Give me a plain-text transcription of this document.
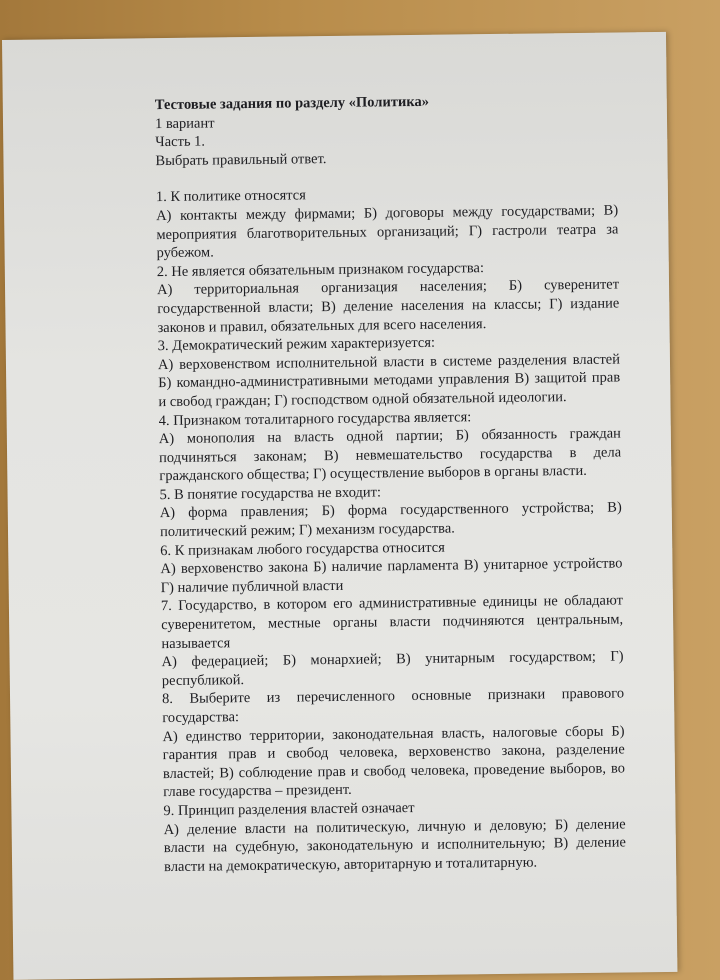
Тестовые задания по разделу «Политика»

1 вариант

Часть 1.

Выбрать правильный ответ.

1. К политике относятся

А) контакты между фирмами; Б) договоры между государствами; В) мероприятия благотворительных организаций; Г) гастроли театра за рубежом.

2. Не является обязательным признаком государства:

А) территориальная организация населения; Б) суверенитет государственной власти; В) деление населения на классы; Г) издание законов и правил, обязательных для всего населения.

3. Демократический режим характеризуется:

А) верховенством исполнительной власти в системе разделения властей Б) командно-административными методами управления В) защитой прав и свобод граждан; Г) господством одной обязательной идеологии.

4. Признаком тоталитарного государства является:

А) монополия на власть одной партии; Б) обязанность граждан подчиняться законам; В) невмешательство государства в дела гражданского общества; Г) осуществление выборов в органы власти.

5. В понятие государства не входит:

А) форма правления; Б) форма государственного устройства; В) политический режим; Г) механизм государства.

6. К признакам любого государства относится

А) верховенство закона Б) наличие парламента В) унитарное устройство Г) наличие публичной власти

7. Государство, в котором его административные единицы не обладают суверенитетом, местные органы власти подчиняются центральным, называется

А) федерацией; Б) монархией; В) унитарным государством; Г) республикой.

8. Выберите из перечисленного основные признаки правового государства:

А) единство территории, законодательная власть, налоговые сборы Б) гарантия прав и свобод человека, верховенство закона, разделение властей; В) соблюдение прав и свобод человека, проведение выборов, во главе государства – президент.

9. Принцип разделения властей означает

А) деление власти на политическую, личную и деловую; Б) деление власти на судебную, законодательную и исполнительную; В) деление власти на демократическую, авторитарную и тоталитарную.
